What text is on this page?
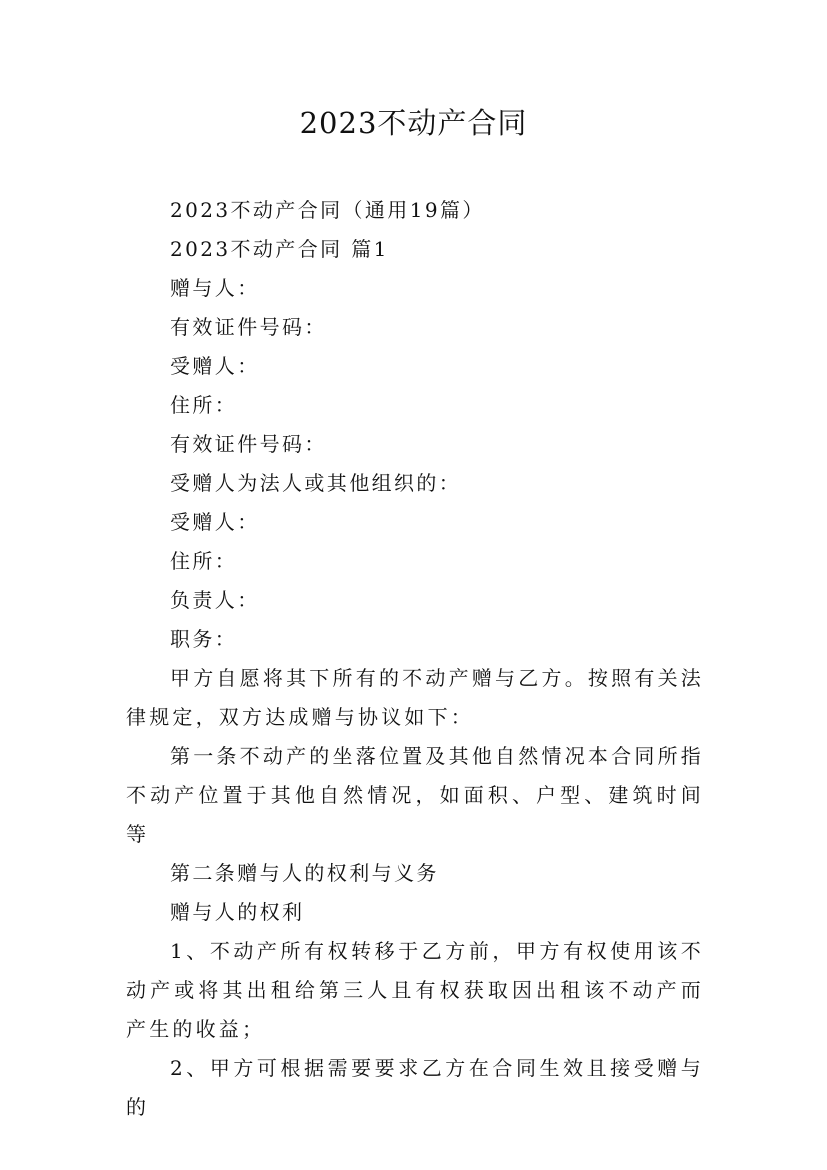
2023不动产合同

2023不动产合同（通用19篇）

2023不动产合同 篇1

赠与人：

有效证件号码：

受赠人：

住所：

有效证件号码：

受赠人为法人或其他组织的：

受赠人：

住所：

负责人：

职务：

甲方自愿将其下所有的不动产赠与乙方。按照有关法律规定，双方达成赠与协议如下：

第一条不动产的坐落位置及其他自然情况本合同所指不动产位置于其他自然情况，如面积、户型、建筑时间等

第二条赠与人的权利与义务

赠与人的权利

1、不动产所有权转移于乙方前，甲方有权使用该不动产或将其出租给第三人且有权获取因出租该不动产而产生的收益；

2、甲方可根据需要要求乙方在合同生效且接受赠与的
